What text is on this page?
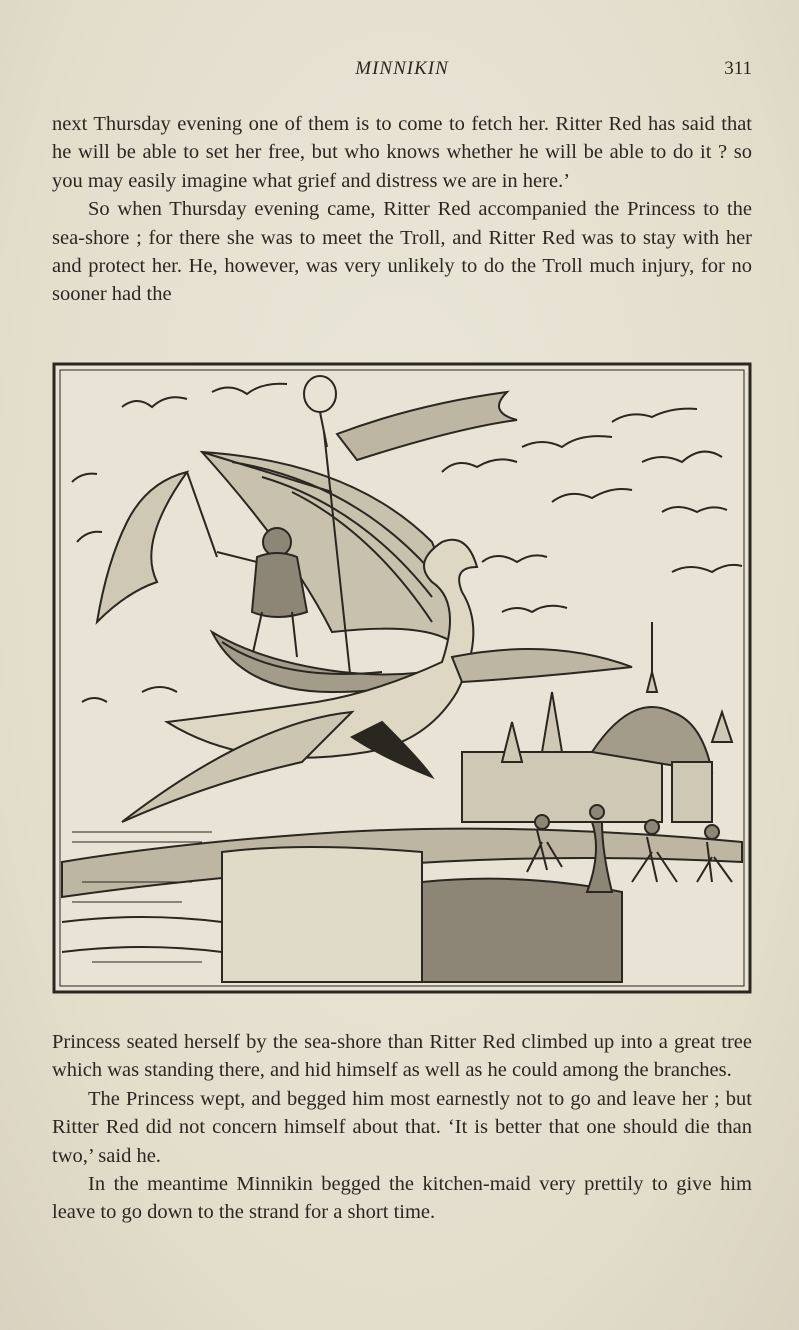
MINNIKIN	311

next Thursday evening one of them is to come to fetch her. Ritter Red has said that he will be able to set her free, but who knows whether he will be able to do it ? so you may easily imagine what grief and distress we are in here.’

So when Thursday evening came, Ritter Red accompanied the Princess to the sea-shore ; for there she was to meet the Troll, and Ritter Red was to stay with her and protect her. He, however, was very unlikely to do the Troll much injury, for no sooner had the

Princess seated herself by the sea-shore than Ritter Red climbed up into a great tree which was standing there, and hid himself as well as he could among the branches.

The Princess wept, and begged him most earnestly not to go and leave her ; but Ritter Red did not concern himself about that. ‘It is better that one should die than two,’ said he.

In the meantime Minnikin begged the kitchen-maid very prettily to give him leave to go down to the strand for a short time.
